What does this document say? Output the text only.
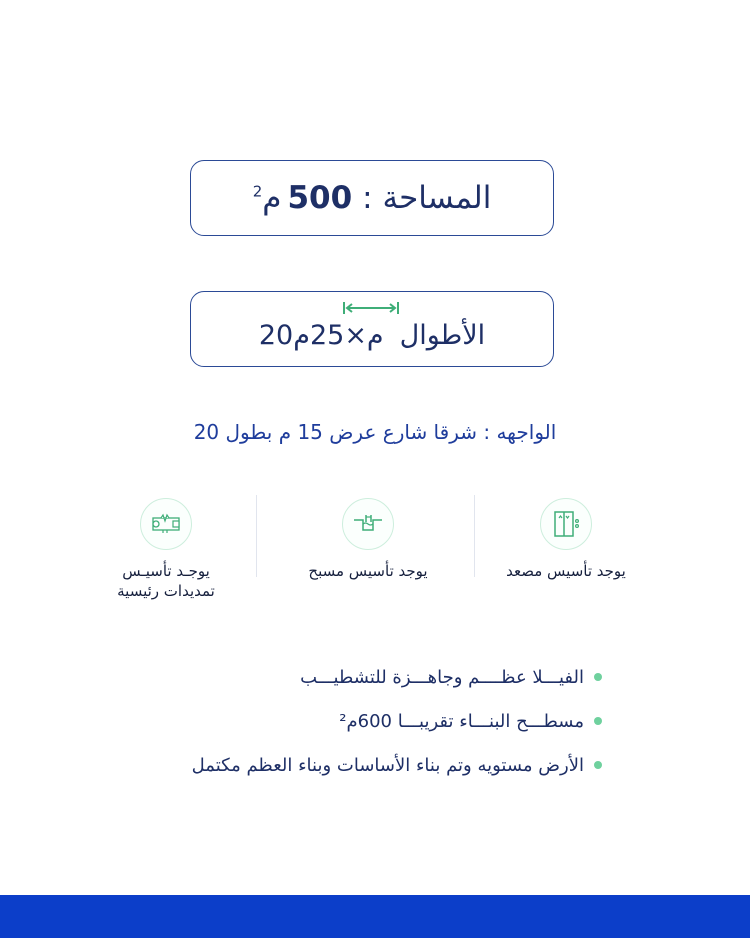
المساحة :
500
م$^2$
الأطوال
20م×25م
الواجهه : شرقا شارع عرض 15 م بطول 20
يوجد تأسيس مصعد
يوجد تأسيس مسبح
يوجـد تأسيـس تمديدات رئيسية
الفيـــلا عظــــم وجاهـــزة للتشطيـــب
مسطـــح البنـــاء تقريبـــا 600م²
الأرض مستويه وتم بناء الأساسات وبناء العظم مكتمل
